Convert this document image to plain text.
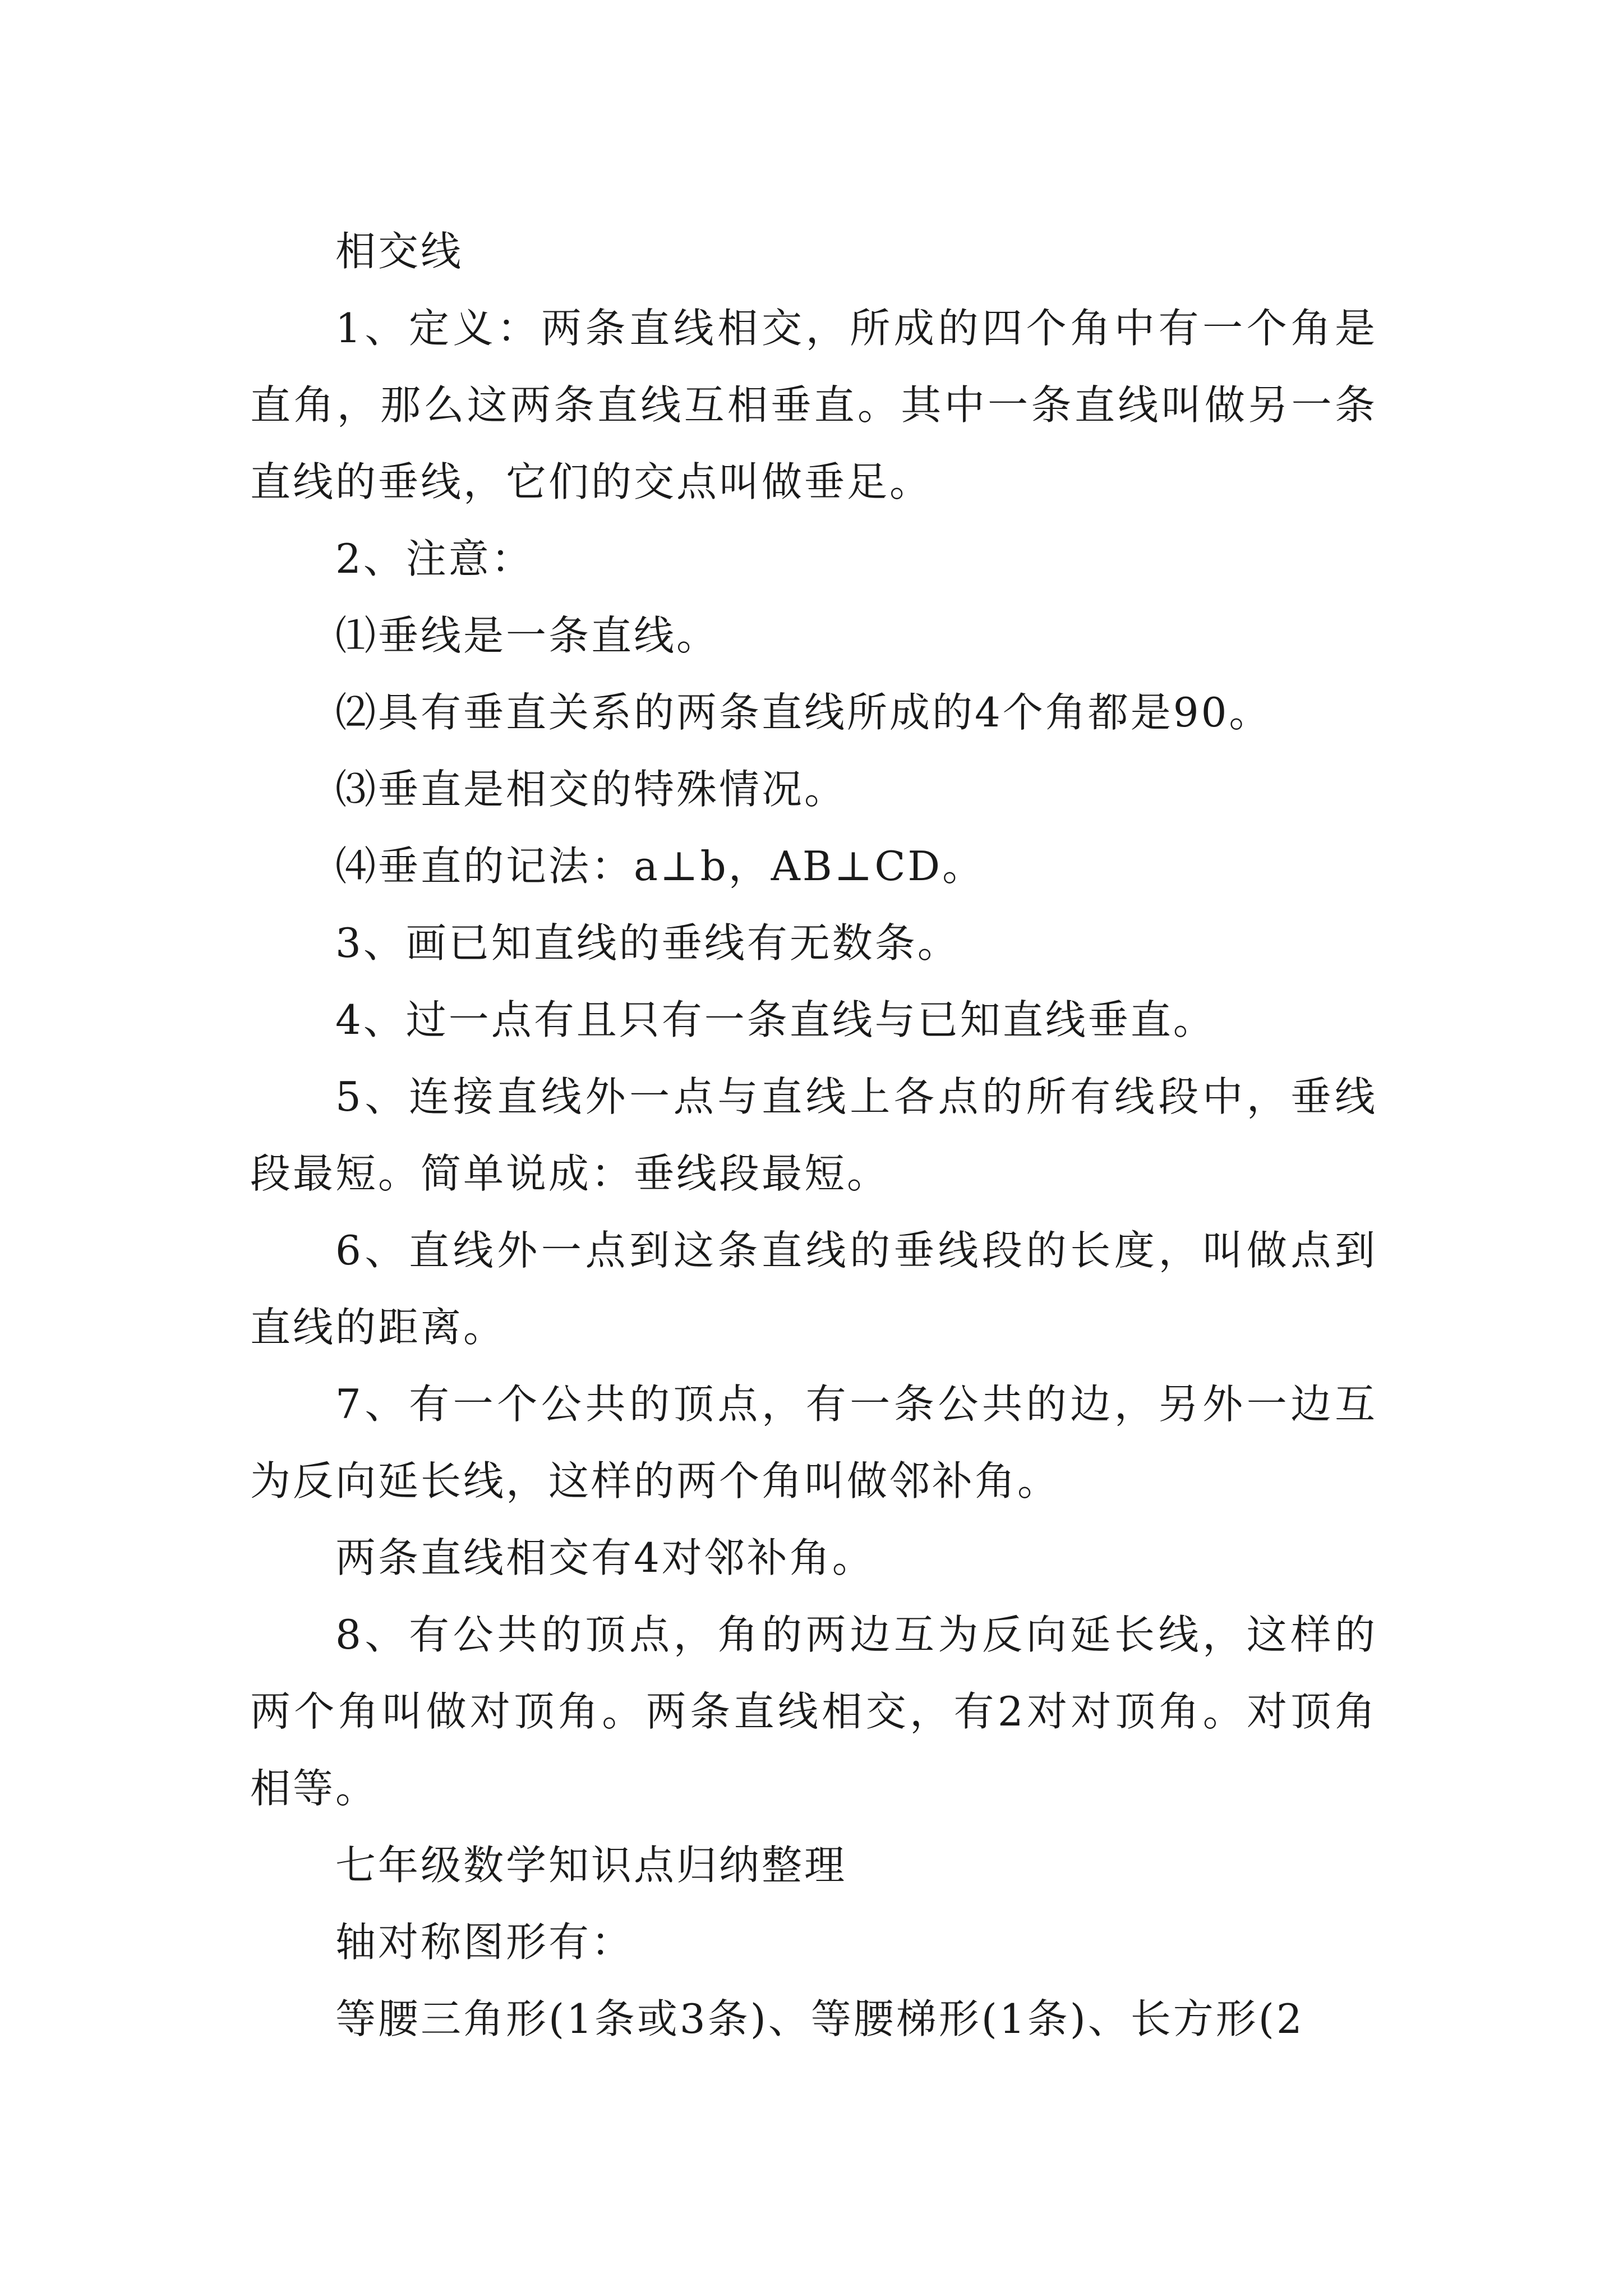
相交线

1、定义：两条直线相交，所成的四个角中有一个角是直角，那么这两条直线互相垂直。其中一条直线叫做另一条直线的垂线，它们的交点叫做垂足。

2、注意：

⑴垂线是一条直线。

⑵具有垂直关系的两条直线所成的4个角都是90。

⑶垂直是相交的特殊情况。

⑷垂直的记法：a⊥b，AB⊥CD。

3、画已知直线的垂线有无数条。

4、过一点有且只有一条直线与已知直线垂直。

5、连接直线外一点与直线上各点的所有线段中，垂线段最短。简单说成：垂线段最短。

6、直线外一点到这条直线的垂线段的长度，叫做点到直线的距离。

7、有一个公共的顶点，有一条公共的边，另外一边互为反向延长线，这样的两个角叫做邻补角。

两条直线相交有4对邻补角。

8、有公共的顶点，角的两边互为反向延长线，这样的两个角叫做对顶角。两条直线相交，有2对对顶角。对顶角相等。

七年级数学知识点归纳整理

轴对称图形有：

等腰三角形(1条或3条)、等腰梯形(1条)、长方形(2
